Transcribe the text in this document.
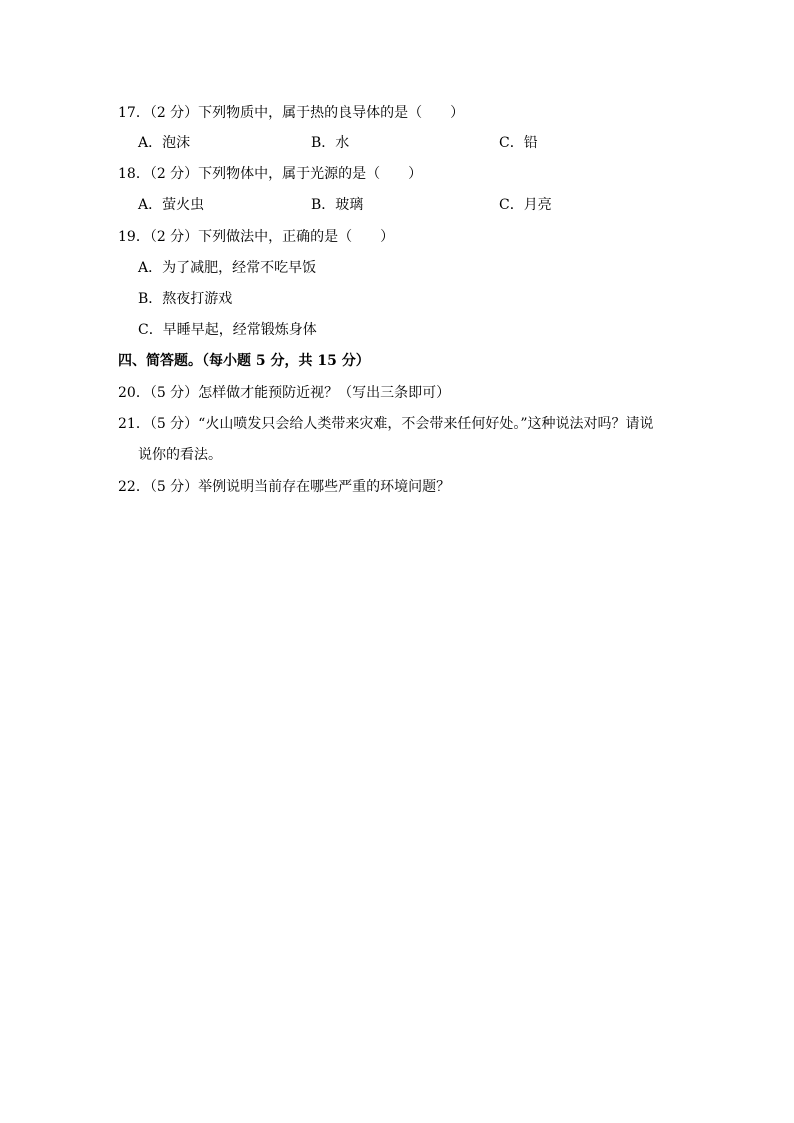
17．（2 分）下列物质中，属于热的良导体的是（　　）
A．泡沫	B．水	C．铅
18．（2 分）下列物体中，属于光源的是（　　）
A．萤火虫	B．玻璃	C．月亮
19．（2 分）下列做法中，正确的是（　　）
A．为了减肥，经常不吃早饭
B．熬夜打游戏
C．早睡早起，经常锻炼身体
四、简答题。（每小题 5 分，共 15 分）
20．（5 分）怎样做才能预防近视？（写出三条即可）
21．（5 分）“火山喷发只会给人类带来灾难，不会带来任何好处。”这种说法对吗？请说
说你的看法。
22．（5 分）举例说明当前存在哪些严重的环境问题？
